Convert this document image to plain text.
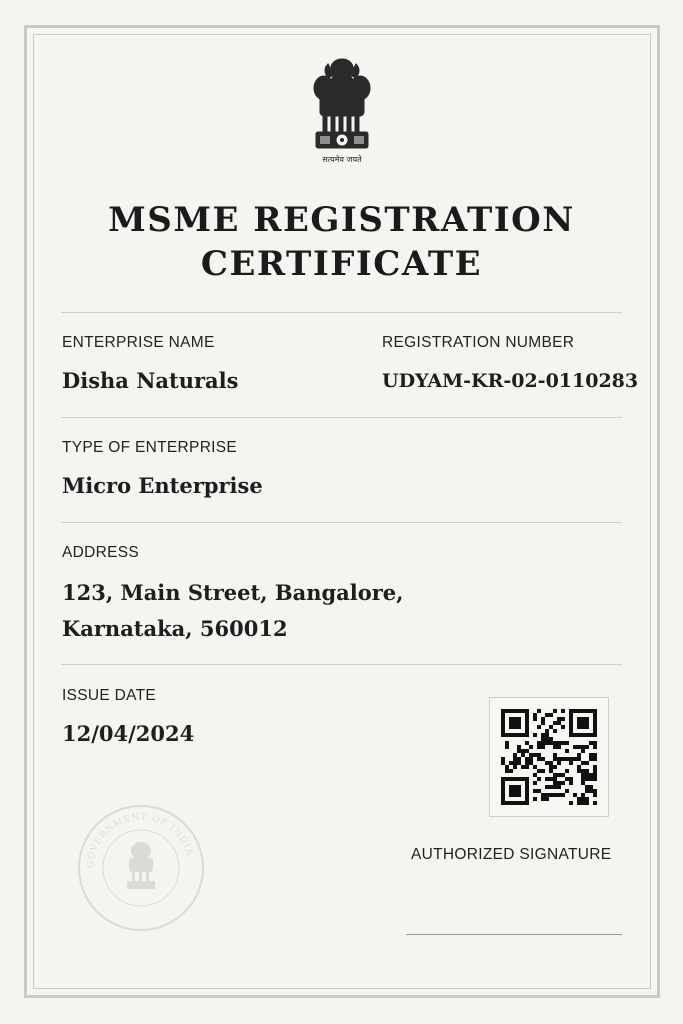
सत्यमेव जयते
MSME REGISTRATION
CERTIFICATE
ENTERPRISE NAME
Disha Naturals
REGISTRATION NUMBER
UDYAM-KR-02-0110283
TYPE OF ENTERPRISE
Micro Enterprise
ADDRESS
123, Main Street, Bangalore,
Karnataka, 560012
ISSUE DATE
12/04/2024
AUTHORIZED SIGNATURE
GOVERNMENT OF INDIA
